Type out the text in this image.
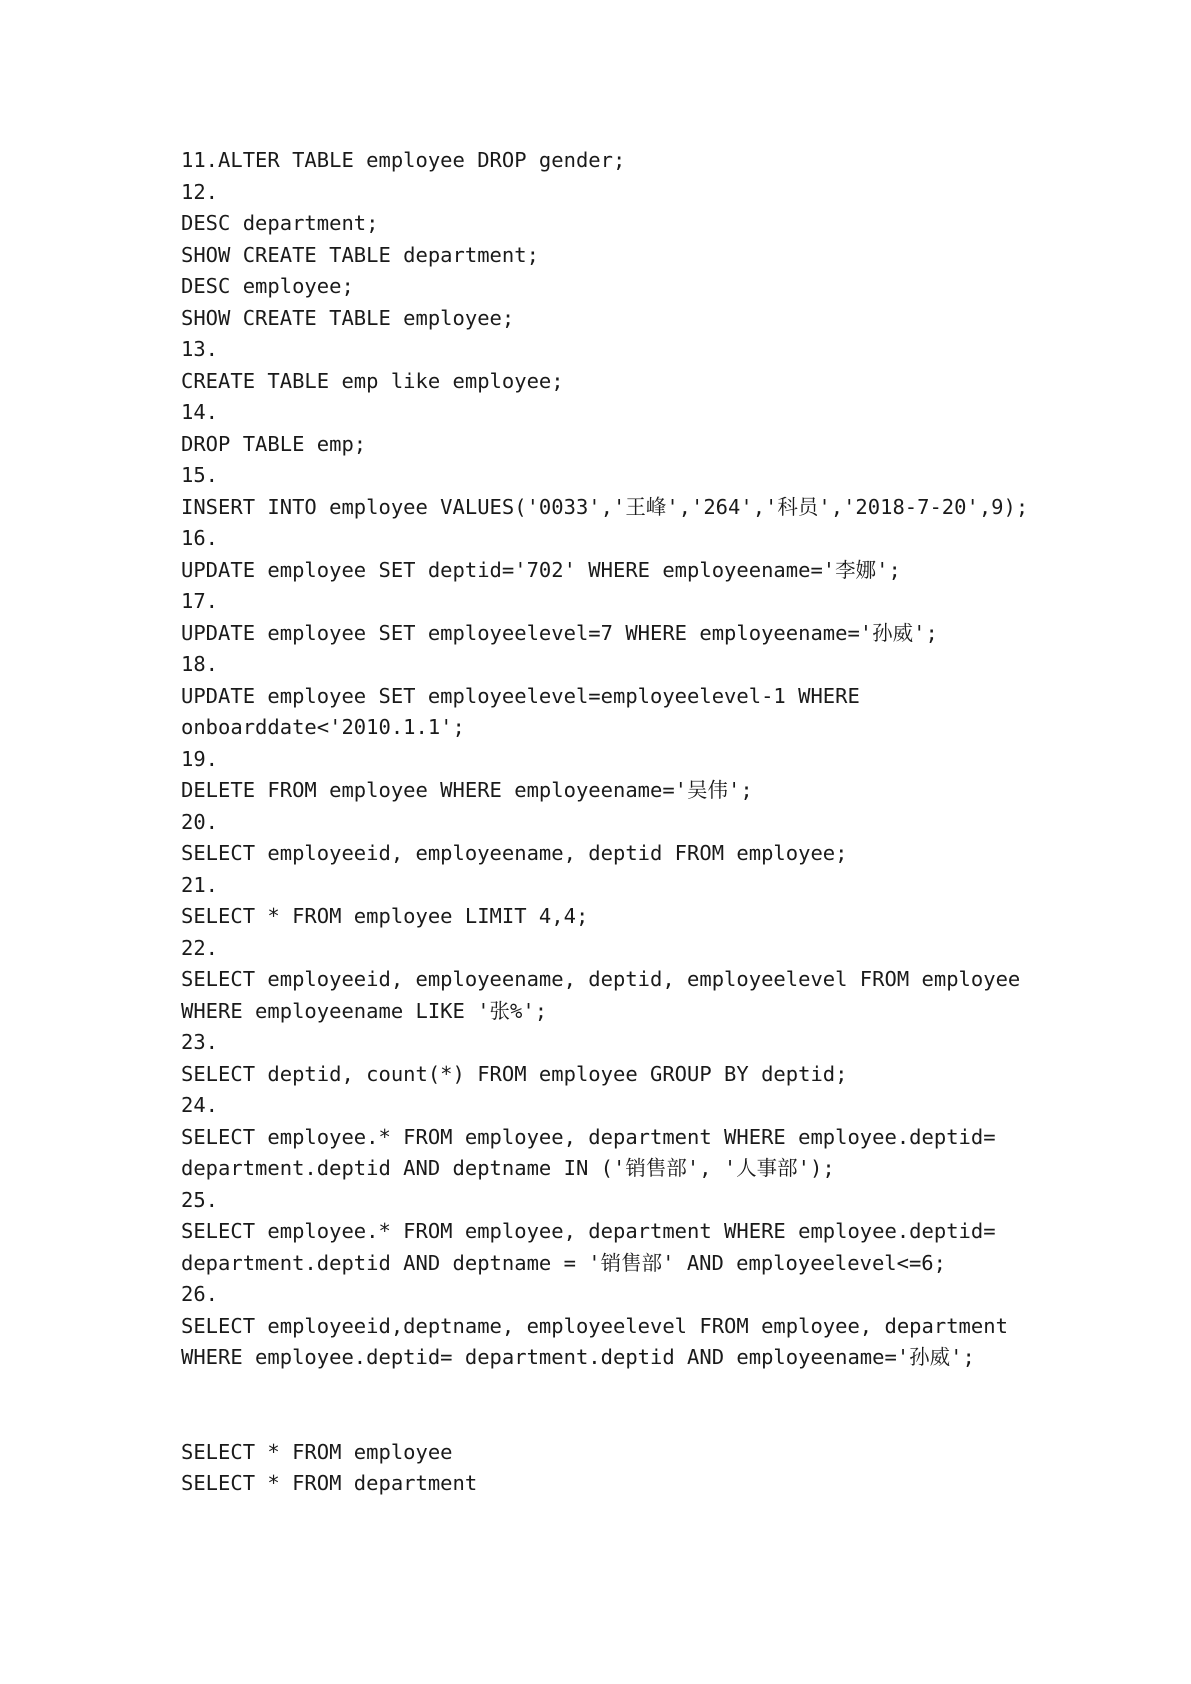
11.ALTER TABLE employee DROP gender;
12.
DESC department;
SHOW CREATE TABLE department;
DESC employee;
SHOW CREATE TABLE employee;
13.
CREATE TABLE emp like employee;
14.
DROP TABLE emp;
15.
INSERT INTO employee VALUES('0033','王峰','264','科员','2018-7-20',9);
16.
UPDATE employee SET deptid='702' WHERE employeename='李娜';
17.
UPDATE employee SET employeelevel=7 WHERE employeename='孙威';
18.
UPDATE employee SET employeelevel=employeelevel-1 WHERE
onboarddate<'2010.1.1';
19.
DELETE FROM employee WHERE employeename='吴伟';
20.
SELECT employeeid, employeename, deptid FROM employee;
21.
SELECT * FROM employee LIMIT 4,4;
22.
SELECT employeeid, employeename, deptid, employeelevel FROM employee
WHERE employeename LIKE '张%';
23.
SELECT deptid, count(*) FROM employee GROUP BY deptid;
24.
SELECT employee.* FROM employee, department WHERE employee.deptid=
department.deptid AND deptname IN ('销售部', '人事部');
25.
SELECT employee.* FROM employee, department WHERE employee.deptid=
department.deptid AND deptname = '销售部' AND employeelevel<=6;
26.
SELECT employeeid,deptname, employeelevel FROM employee, department
WHERE employee.deptid= department.deptid AND employeename='孙威';
SELECT * FROM employee
SELECT * FROM department
